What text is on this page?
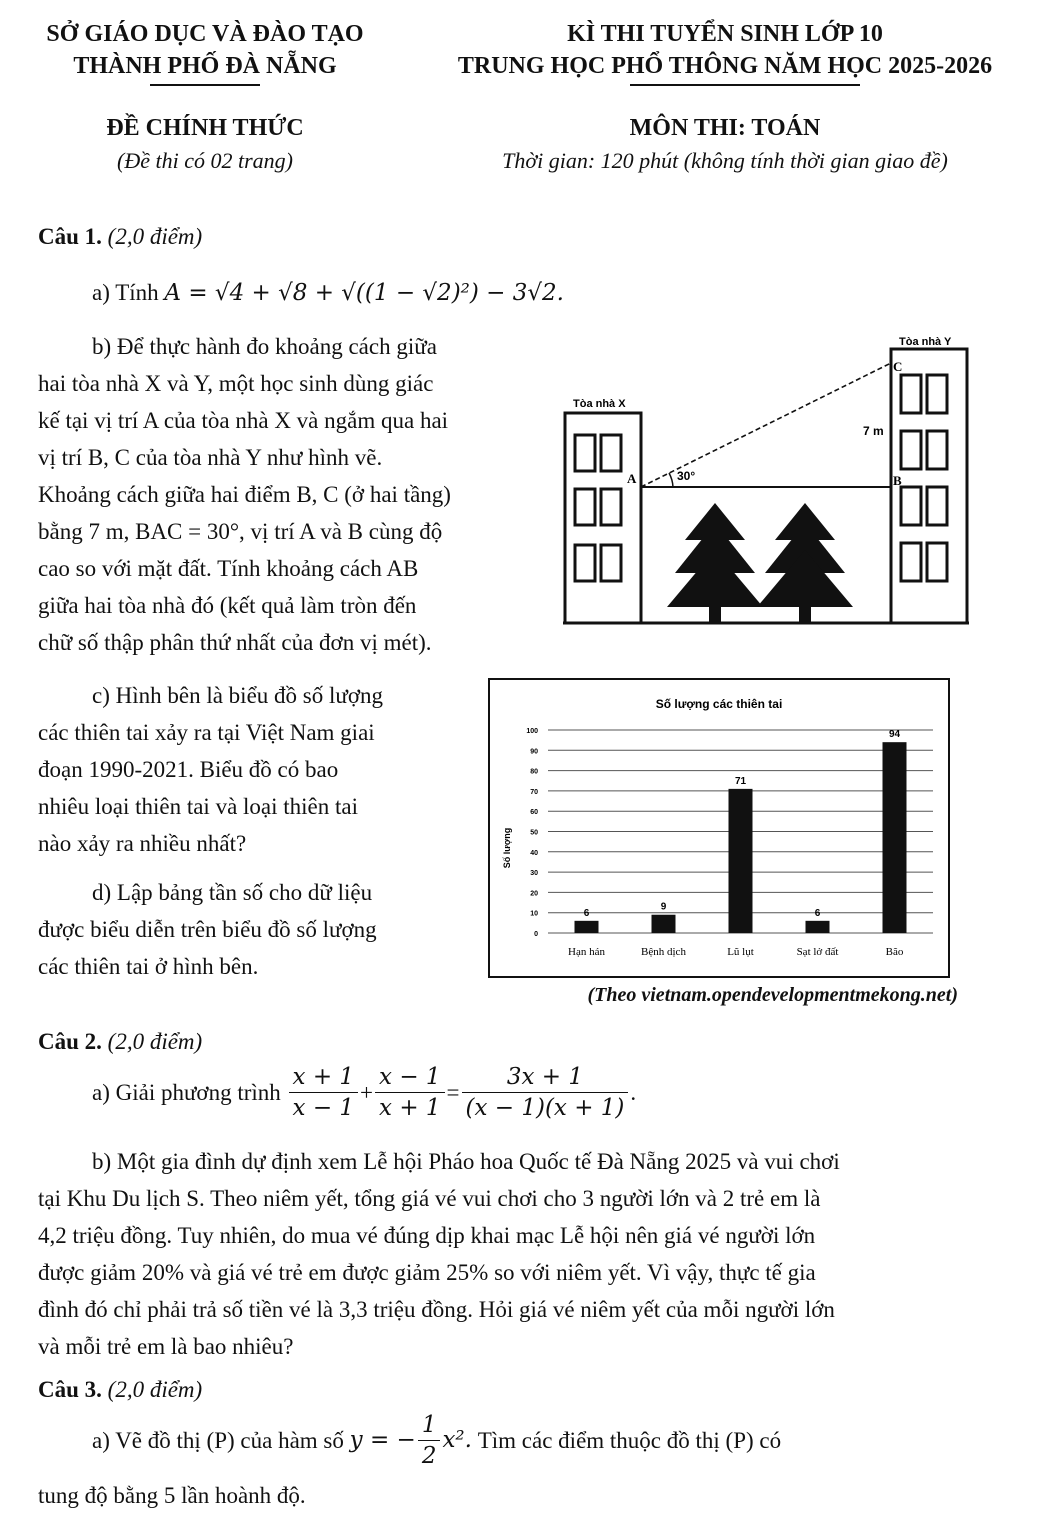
SỞ GIÁO DỤC VÀ ĐÀO TẠO
THÀNH PHỐ ĐÀ NẴNG
KÌ THI TUYỂN SINH LỚP 10
TRUNG HỌC PHỔ THÔNG NĂM HỌC 2025-2026
ĐỀ CHÍNH THỨC
(Đề thi có 02 trang)
MÔN THI: TOÁN
Thời gian: 120 phút (không tính thời gian giao đề)
Câu 1. (2,0 điểm)
a) Tính A = √4 + √8 + √((1 − √2)²) − 3√2.
b) Để thực hành đo khoảng cách giữa
hai tòa nhà X và Y, một học sinh dùng giác
kế tại vị trí A của tòa nhà X và ngắm qua hai
vị trí B, C của tòa nhà Y như hình vẽ.
Khoảng cách giữa hai điểm B, C (ở hai tầng)
bằng 7 m, BAC = 30°, vị trí A và B cùng độ
cao so với mặt đất. Tính khoảng cách AB
giữa hai tòa nhà đó (kết quả làm tròn đến
chữ số thập phân thứ nhất của đơn vị mét).
Tòa nhà X
Tòa nhà Y
30°
A	B
C
7 m
c) Hình bên là biểu đồ số lượng
các thiên tai xảy ra tại Việt Nam giai
đoạn 1990-2021. Biểu đồ có bao
nhiêu loại thiên tai và loại thiên tai
nào xảy ra nhiều nhất?
d) Lập bảng tần số cho dữ liệu
được biểu diễn trên biểu đồ số lượng
các thiên tai ở hình bên.
Số lượng các thiên tai
Số lượng
0
10
20
30
40
50
60
70
80
90
100
6
Hạn hán
9
Bệnh dịch
71
Lũ lụt
6
Sạt lở đất
94
Bão
(Theo vietnam.opendevelopmentmekong.net)
Câu 2. (2,0 điểm)
a) Giải phương trình $\frac{x + 1}{x - 1} + \frac{x - 1}{x + 1} = \frac{3x + 1}{(x - 1)(x + 1)}$ .
b) Một gia đình dự định xem Lễ hội Pháo hoa Quốc tế Đà Nẵng 2025 và vui chơi
tại Khu Du lịch S. Theo niêm yết, tổng giá vé vui chơi cho 3 người lớn và 2 trẻ em là
4,2 triệu đồng. Tuy nhiên, do mua vé đúng dịp khai mạc Lễ hội nên giá vé người lớn
được giảm 20% và giá vé trẻ em được giảm 25% so với niêm yết. Vì vậy, thực tế gia
đình đó chỉ phải trả số tiền vé là 3,3 triệu đồng. Hỏi giá vé niêm yết của mỗi người lớn
và mỗi trẻ em là bao nhiêu?
Câu 3. (2,0 điểm)
a) Vẽ đồ thị (P) của hàm số y = − $\frac{1}{2} x^2$. Tìm các điểm thuộc đồ thị (P) có
tung độ bằng 5 lần hoành độ.
